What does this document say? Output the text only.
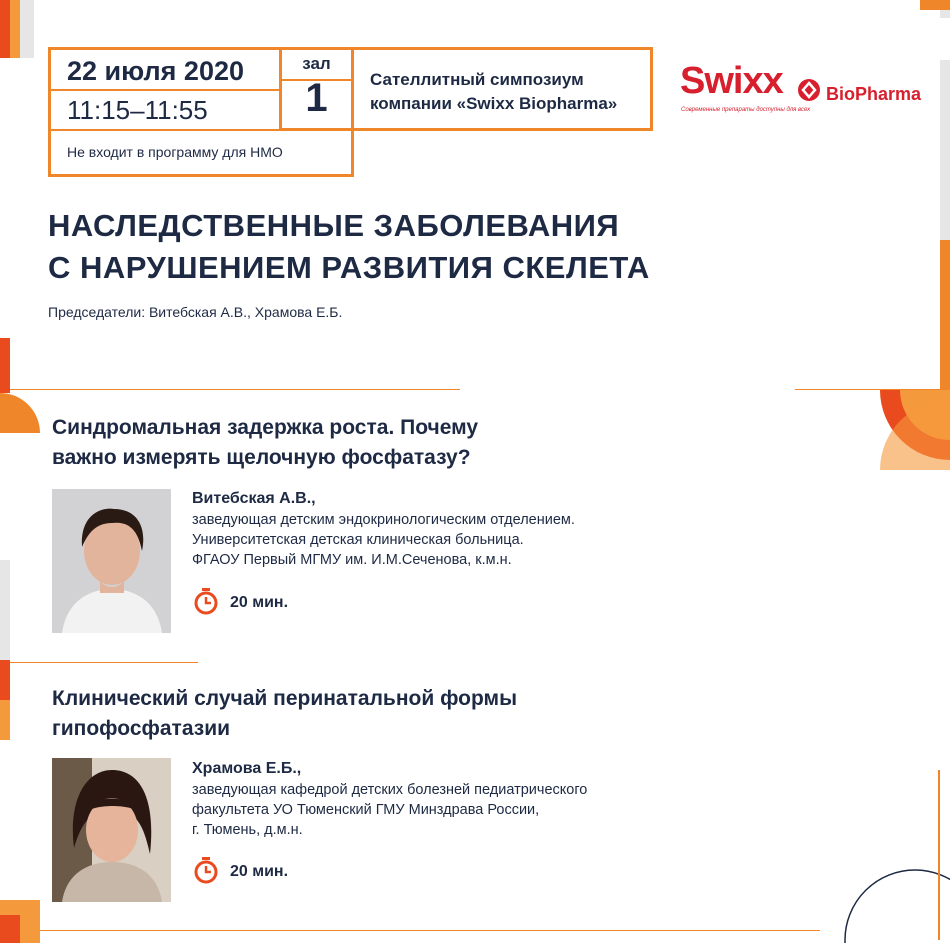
22 июля 2020
11:15–11:55
зал
1	Сателлитный симпозиум
компании «Swixx Biopharma»
Не входит в программу для НМО
Swixx BioPharma
Современные препараты доступны для всех
НАСЛЕДСТВЕННЫЕ ЗАБОЛЕВАНИЯ
С НАРУШЕНИЕМ РАЗВИТИЯ СКЕЛЕТА
Председатели: Витебская А.В., Храмова Е.Б.
Синдромальная задержка роста. Почему
важно измерять щелочную фосфатазу?
Витебская А.В.,
заведующая детским эндокринологическим отделением.
Университетская детская клиническая больница.
ФГАОУ Первый МГМУ им. И.М.Сеченова, к.м.н.
20 мин.
Клинический случай перинатальной формы
гипофосфатазии
Храмова Е.Б.,
заведующая кафедрой детских болезней педиатрического
факультета УО Тюменский ГМУ Минздрава России,
г. Тюмень, д.м.н.
20 мин.
